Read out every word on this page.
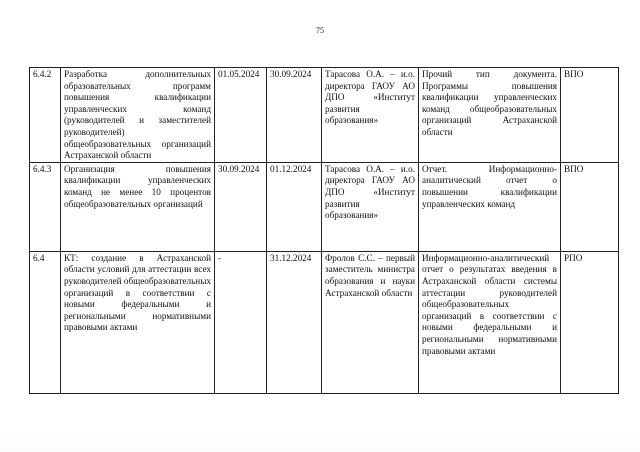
75
6.4.2	Разработка дополнительных образовательных программ повышения квалификации управленческих команд (руководителей и заместителей руководителей) общеобразовательных организаций Астраханской области	01.05.2024	30.09.2024	Тарасова О.А. – и.о. директора ГАОУ АО ДПО «Институт развития образования»	Прочий тип документа. Программы повышения квалификации управленческих команд общеобразовательных организаций Астраханской области	ВПО
6.4.3	Организация повышения квалификации управленческих команд не менее 10 процентов общеобразовательных организаций	30.09.2024	01.12.2024	Тарасова О.А. – и.о. директора ГАОУ АО ДПО «Институт развития образования»	Отчет. Информационно-аналитический отчет о повышении квалификации управленческих команд	ВПО
6.4	КТ: создание в Астраханской области условий для аттестации всех руководителей общеобразовательных организаций в соответствии с новыми федеральными и региональными нормативными правовыми актами	-	31.12.2024	Фролов С.С. – первый заместитель министра образования и науки Астраханской области	Информационно-аналитический отчет о результатах введения в Астраханской области системы аттестации руководителей общеобразовательных организаций в соответствии с новыми федеральными и региональными нормативными правовыми актами	РПО
